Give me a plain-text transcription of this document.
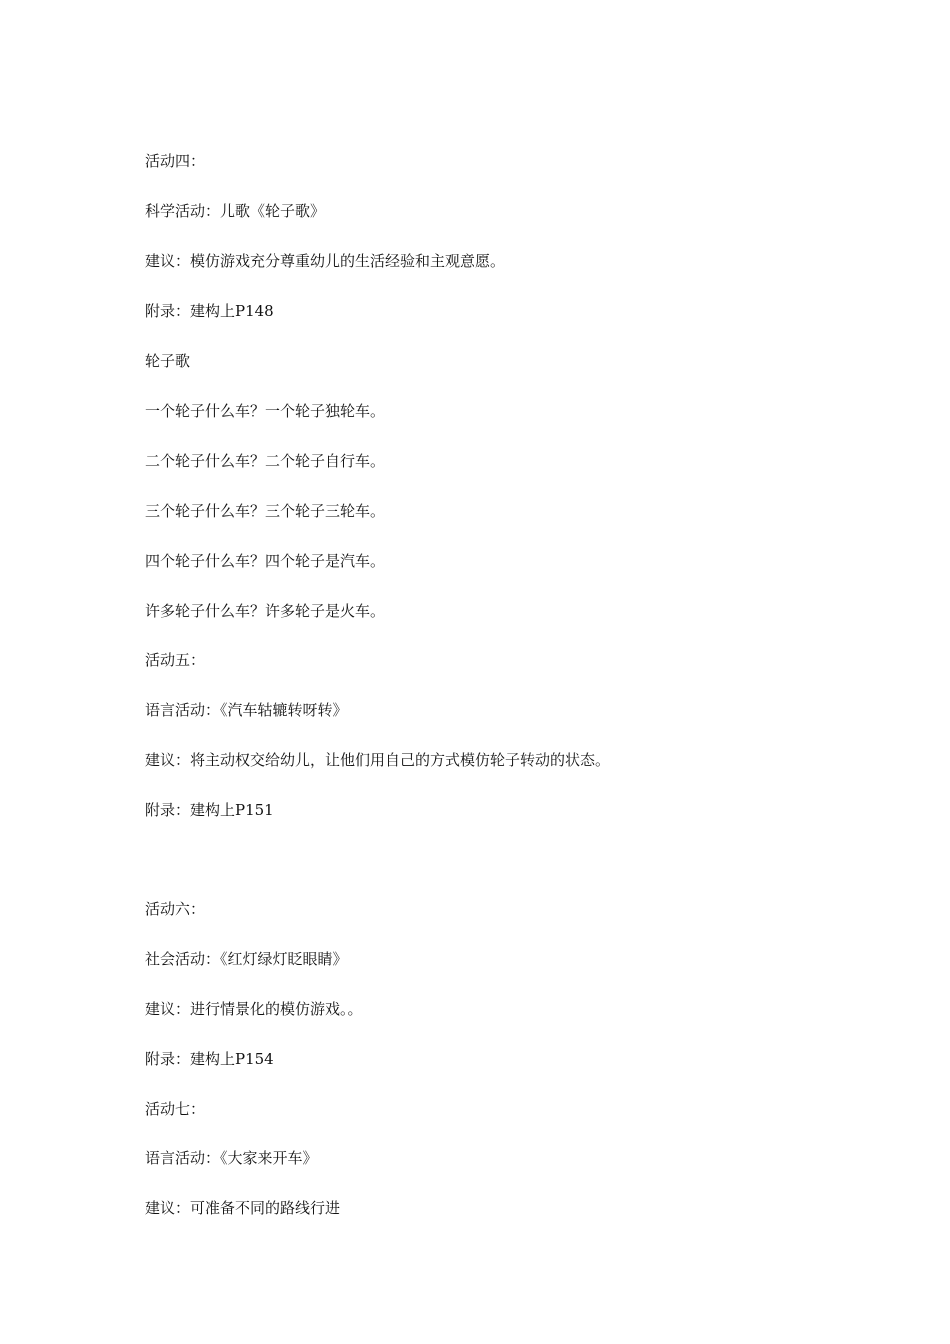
活动四：

科学活动：儿歌《轮子歌》

建议：模仿游戏充分尊重幼儿的生活经验和主观意愿。

附录：建构上P148

轮子歌

一个轮子什么车？一个轮子独轮车。

二个轮子什么车？二个轮子自行车。

三个轮子什么车？三个轮子三轮车。

四个轮子什么车？四个轮子是汽车。

许多轮子什么车？许多轮子是火车。

活动五：

语言活动：《汽车轱辘转呀转》

建议：将主动权交给幼儿，让他们用自己的方式模仿轮子转动的状态。

附录：建构上P151

活动六：

社会活动：《红灯绿灯眨眼睛》

建议：进行情景化的模仿游戏。。

附录：建构上P154

活动七：

语言活动：《大家来开车》

建议：可准备不同的路线行进
